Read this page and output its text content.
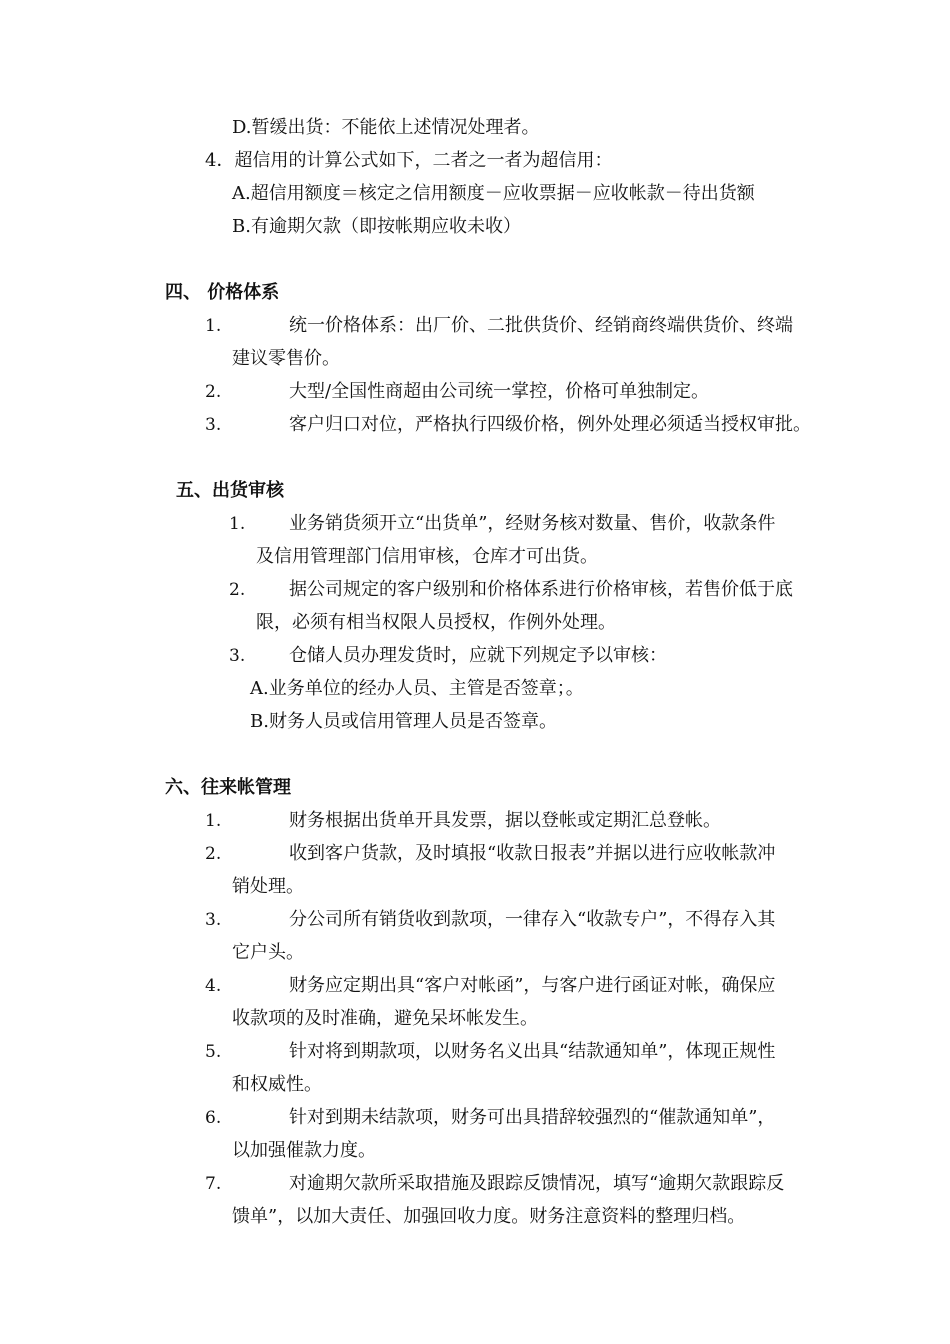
D.暂缓出货：不能依上述情况处理者。
4．超信用的计算公式如下，二者之一者为超信用：
A.超信用额度＝核定之信用额度－应收票据－应收帐款－待出货额
B.有逾期欠款（即按帐期应收未收）
四、 价格体系
1.	统一价格体系：出厂价、二批供货价、经销商终端供货价、终端
建议零售价。
2.	大型/全国性商超由公司统一掌控，价格可单独制定。
3.	客户归口对位，严格执行四级价格，例外处理必须适当授权审批。
五、出货审核
1. 业务销货须开立“出货单”，经财务核对数量、售价，收款条件
及信用管理部门信用审核，仓库才可出货。
2. 据公司规定的客户级别和价格体系进行价格审核，若售价低于底
限，必须有相当权限人员授权，作例外处理。
3. 仓储人员办理发货时，应就下列规定予以审核：
A.业务单位的经办人员、主管是否签章；。
B.财务人员或信用管理人员是否签章。
六、往来帐管理
1.	财务根据出货单开具发票，据以登帐或定期汇总登帐。
2.	收到客户货款，及时填报“收款日报表”并据以进行应收帐款冲
销处理。
3.	分公司所有销货收到款项，一律存入“收款专户”，不得存入其
它户头。
4.	财务应定期出具“客户对帐函”，与客户进行函证对帐，确保应
收款项的及时准确，避免呆坏帐发生。
5.	针对将到期款项，以财务名义出具“结款通知单”，体现正规性
和权威性。
6.	针对到期未结款项，财务可出具措辞较强烈的“催款通知单”，
以加强催款力度。
7.	对逾期欠款所采取措施及跟踪反馈情况，填写“逾期欠款跟踪反
馈单”，以加大责任、加强回收力度。财务注意资料的整理归档。
